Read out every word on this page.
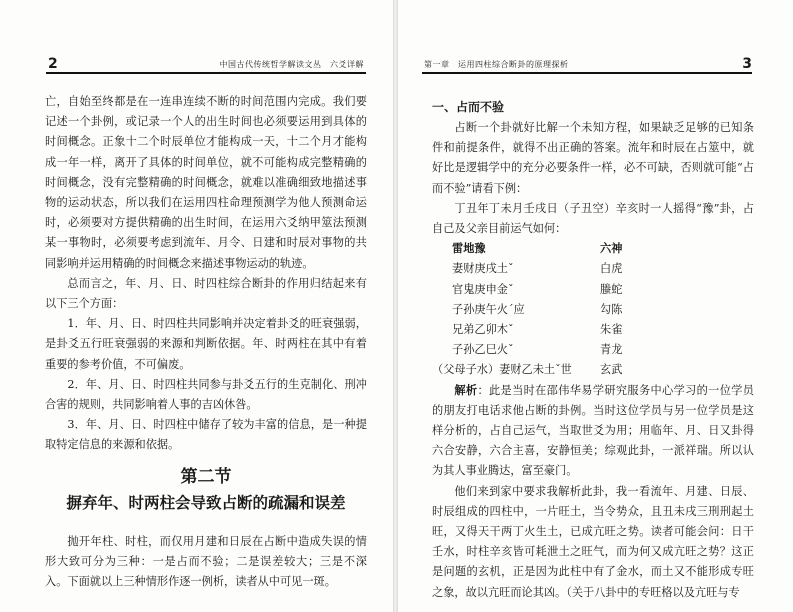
2	中国古代传统哲学解读文丛　六爻详解

亡，自始至终都是在一连串连续不断的时间范围内完成。我们要记述一个卦例，或记录一个人的出生时间也必须要运用到具体的时间概念。正象十二个时辰单位才能构成一天，十二个月才能构成一年一样，离开了具体的时间单位，就不可能构成完整精确的时间概念，没有完整精确的时间概念，就难以准确细致地描述事物的运动状态，所以我们在运用四柱命理预测学为他人预测命运时，必须要对方提供精确的出生时间，在运用六爻纳甲筮法预测某一事物时，必须要考虑到流年、月令、日建和时辰对事物的共同影响并运用精确的时间概念来描述事物运动的轨迹。

总而言之，年、月、日、时四柱综合断卦的作用归结起来有以下三个方面：

1．年、月、日、时四柱共同影响并决定着卦爻的旺衰强弱，是卦爻五行旺衰强弱的来源和判断依据。年、时两柱在其中有着重要的参考价值，不可偏废。

2．年、月、日、时四柱共同参与卦爻五行的生克制化、刑冲合害的规则，共同影响着人事的吉凶休咎。

3．年、月、日、时四柱中储存了较为丰富的信息，是一种提取特定信息的来源和依据。

第二节
摒弃年、时两柱会导致占断的疏漏和误差

抛开年柱、时柱，而仅用月建和日辰在占断中造成失误的情形大致可分为三种：一是占而不验；二是误差较大；三是不深入。下面就以上三种情形作逐一例析，读者从中可见一斑。

第一章　运用四柱综合断卦的原理探析	3
一、占而不验

占断一个卦就好比解一个未知方程，如果缺乏足够的已知条件和前提条件，就得不出正确的答案。流年和时辰在占筮中，就好比是逻辑学中的充分必要条件一样，必不可缺，否则就可能“占而不验”请看下例：

丁丑年丁未月壬戌日（子丑空）辛亥时一人摇得“豫”卦，占自己及父亲目前运气如何：

雷地豫	六神
妻财庚戌土ˇ	白虎
官鬼庚申金ˇ	螣蛇
子孙庚午火ˊ应	勾陈
兄弟乙卯木ˇ	朱雀
子孙乙巳火ˇ	青龙
（父母子水）妻财乙未土ˇ世	玄武

解析：此是当时在邵伟华易学研究服务中心学习的一位学员的朋友打电话求他占断的卦例。当时这位学员与另一位学员是这样分析的，占自己运气，当取世爻为用；用临年、月、日又卦得六合安静，六合主喜，安静恒美；综观此卦，一派祥瑞。所以认为其人事业腾达，富至豪门。

他们来到家中要求我解析此卦，我一看流年、月建、日辰、时辰组成的四柱中，一片旺土，当令势众，且丑未戌三刑刑起土旺，又得天干两丁火生土，已成亢旺之势。读者可能会问：日干壬水，时柱辛亥皆可耗泄土之旺气，而为何又成亢旺之势？这正是问题的玄机，正是因为此柱中有了金水，而土又不能形成专旺之象，故以亢旺而论其凶。（关于八卦中的专旺格以及亢旺与专
